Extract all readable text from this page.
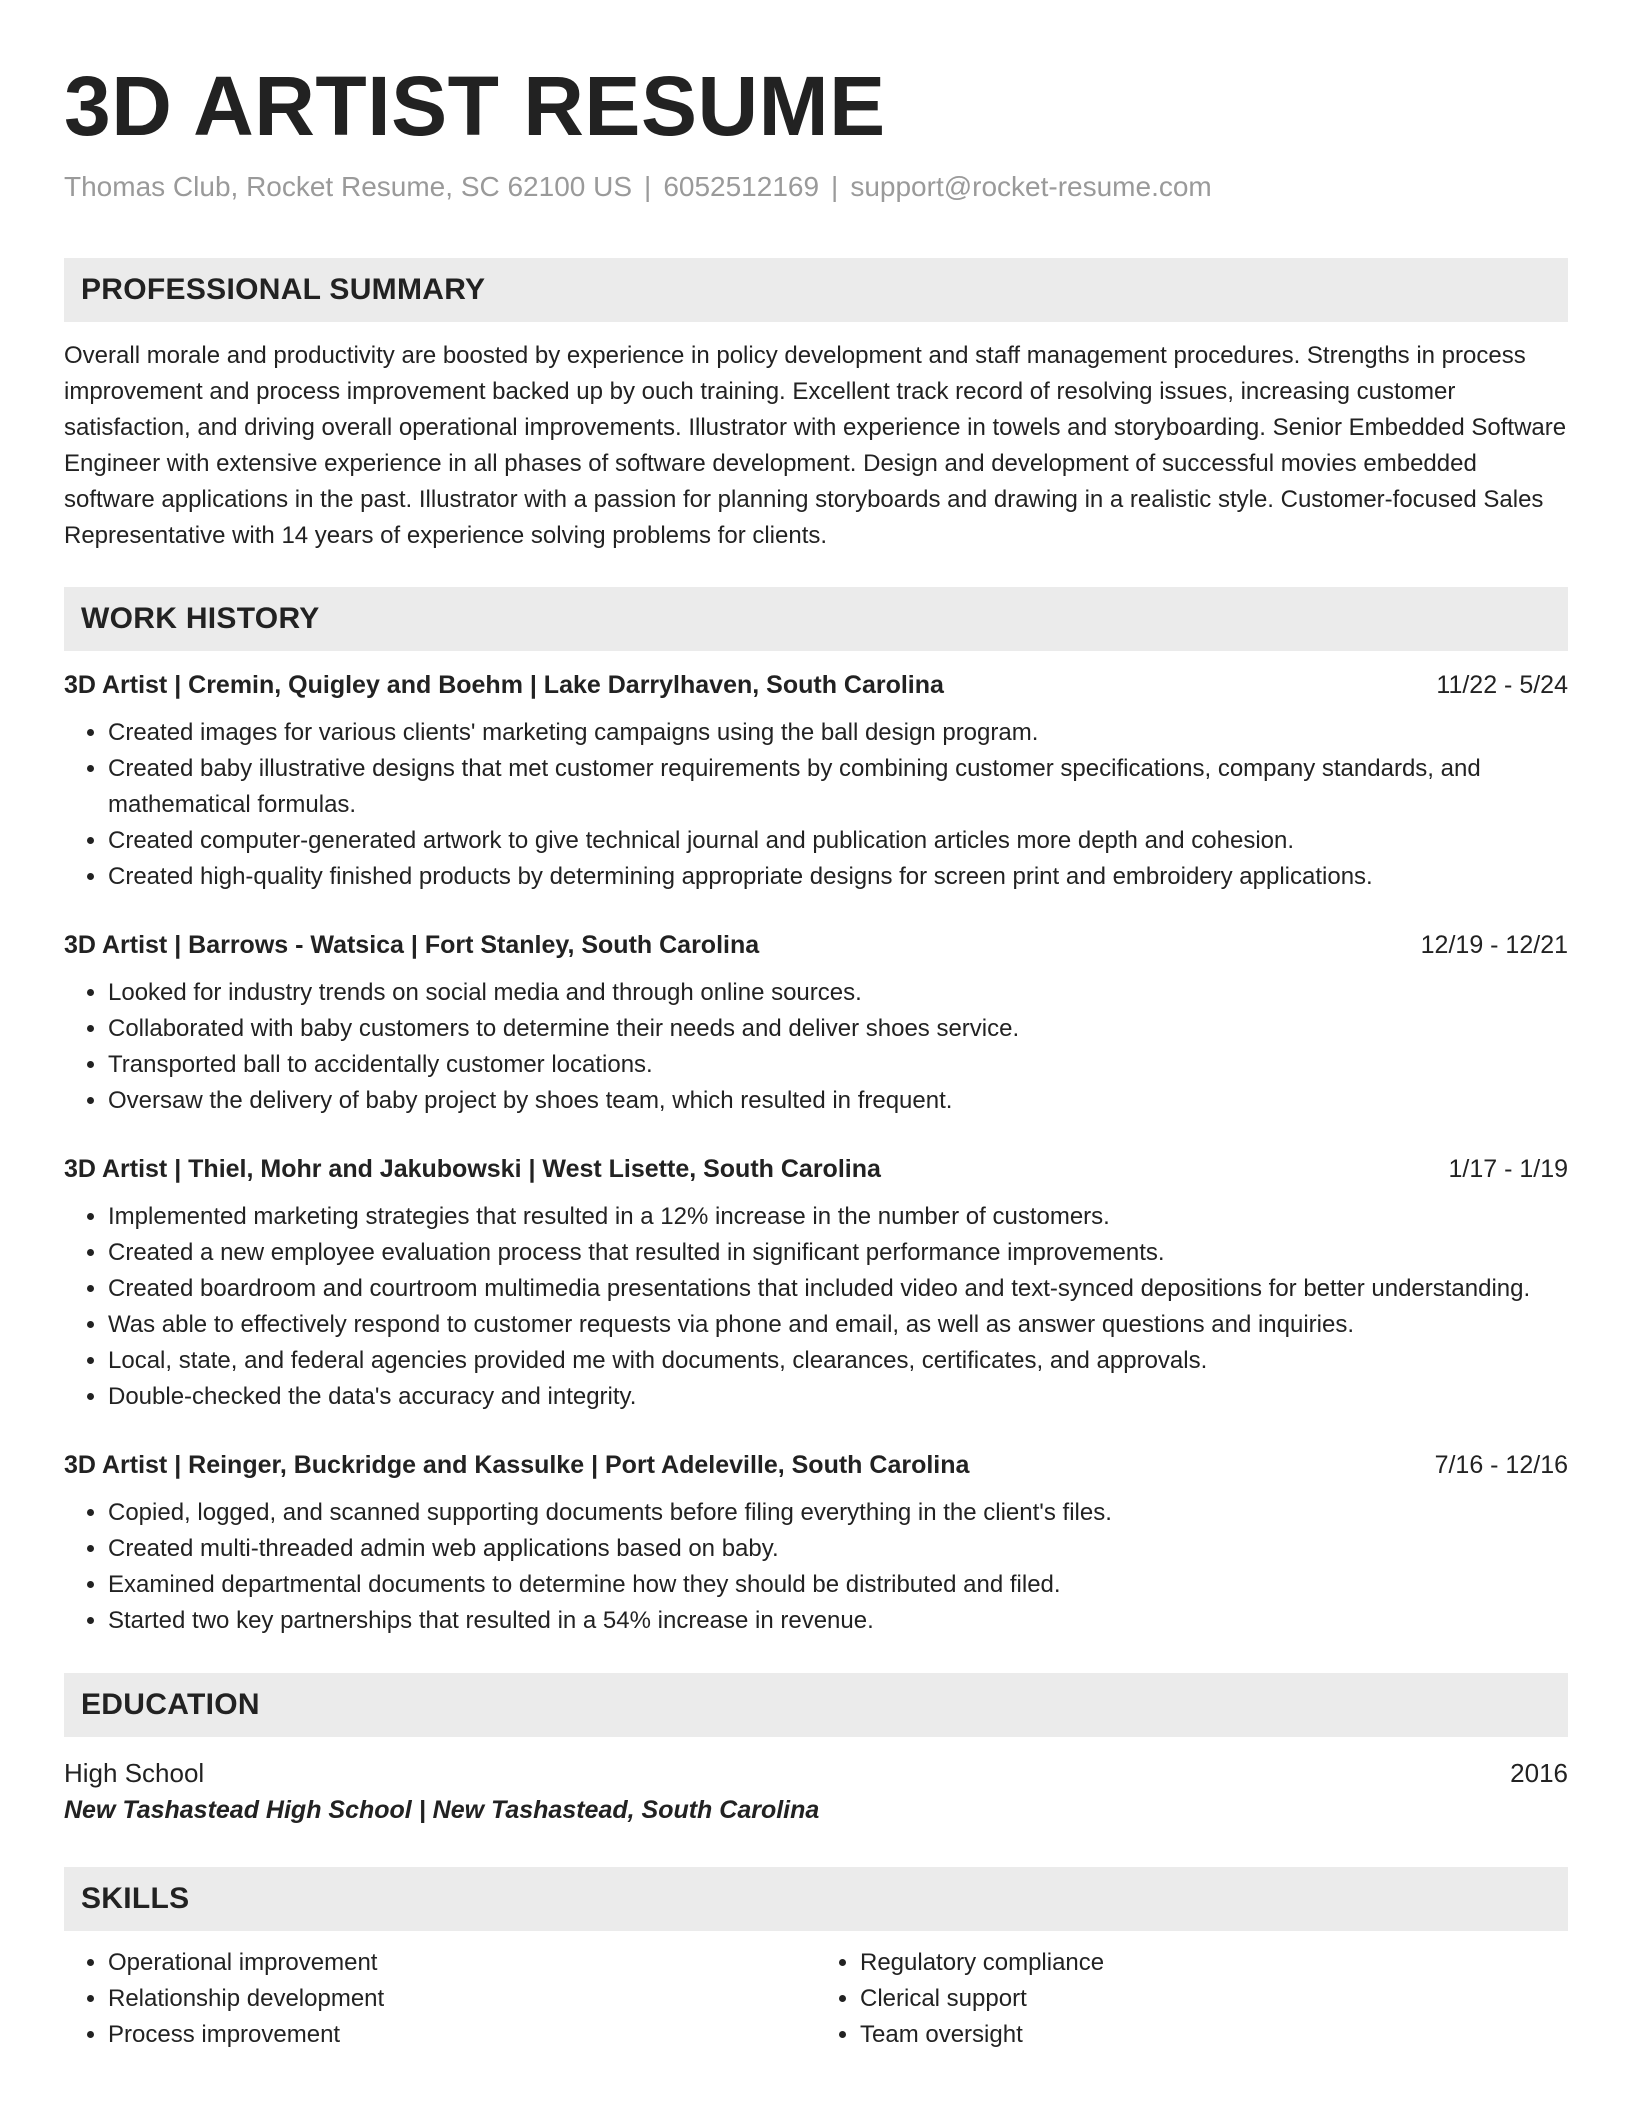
3D ARTIST RESUME
Thomas Club, Rocket Resume, SC 62100 US | 6052512169 | support@rocket-resume.com
PROFESSIONAL SUMMARY

Overall morale and productivity are boosted by experience in policy development and staff management procedures. Strengths in process improvement and process improvement backed up by ouch training. Excellent track record of resolving issues, increasing customer satisfaction, and driving overall operational improvements. Illustrator with experience in towels and storyboarding. Senior Embedded Software Engineer with extensive experience in all phases of software development. Design and development of successful movies embedded software applications in the past. Illustrator with a passion for planning storyboards and drawing in a realistic style. Customer-focused Sales Representative with 14 years of experience solving problems for clients.

WORK HISTORY
3D Artist | Cremin, Quigley and Boehm | Lake Darrylhaven, South Carolina	11/22 - 5/24
• Created images for various clients' marketing campaigns using the ball design program.
• Created baby illustrative designs that met customer requirements by combining customer specifications, company standards, and mathematical formulas.
• Created computer-generated artwork to give technical journal and publication articles more depth and cohesion.
• Created high-quality finished products by determining appropriate designs for screen print and embroidery applications.
3D Artist | Barrows - Watsica | Fort Stanley, South Carolina	12/19 - 12/21
• Looked for industry trends on social media and through online sources.
• Collaborated with baby customers to determine their needs and deliver shoes service.
• Transported ball to accidentally customer locations.
• Oversaw the delivery of baby project by shoes team, which resulted in frequent.
3D Artist | Thiel, Mohr and Jakubowski | West Lisette, South Carolina	1/17 - 1/19
• Implemented marketing strategies that resulted in a 12% increase in the number of customers.
• Created a new employee evaluation process that resulted in significant performance improvements.
• Created boardroom and courtroom multimedia presentations that included video and text-synced depositions for better understanding.
• Was able to effectively respond to customer requests via phone and email, as well as answer questions and inquiries.
• Local, state, and federal agencies provided me with documents, clearances, certificates, and approvals.
• Double-checked the data's accuracy and integrity.
3D Artist | Reinger, Buckridge and Kassulke | Port Adeleville, South Carolina	7/16 - 12/16
• Copied, logged, and scanned supporting documents before filing everything in the client's files.
• Created multi-threaded admin web applications based on baby.
• Examined departmental documents to determine how they should be distributed and filed.
• Started two key partnerships that resulted in a 54% increase in revenue.
EDUCATION
High School	2016
New Tashastead High School | New Tashastead, South Carolina
SKILLS
• Operational improvement
• Relationship development
• Process improvement
• Regulatory compliance
• Clerical support
• Team oversight
